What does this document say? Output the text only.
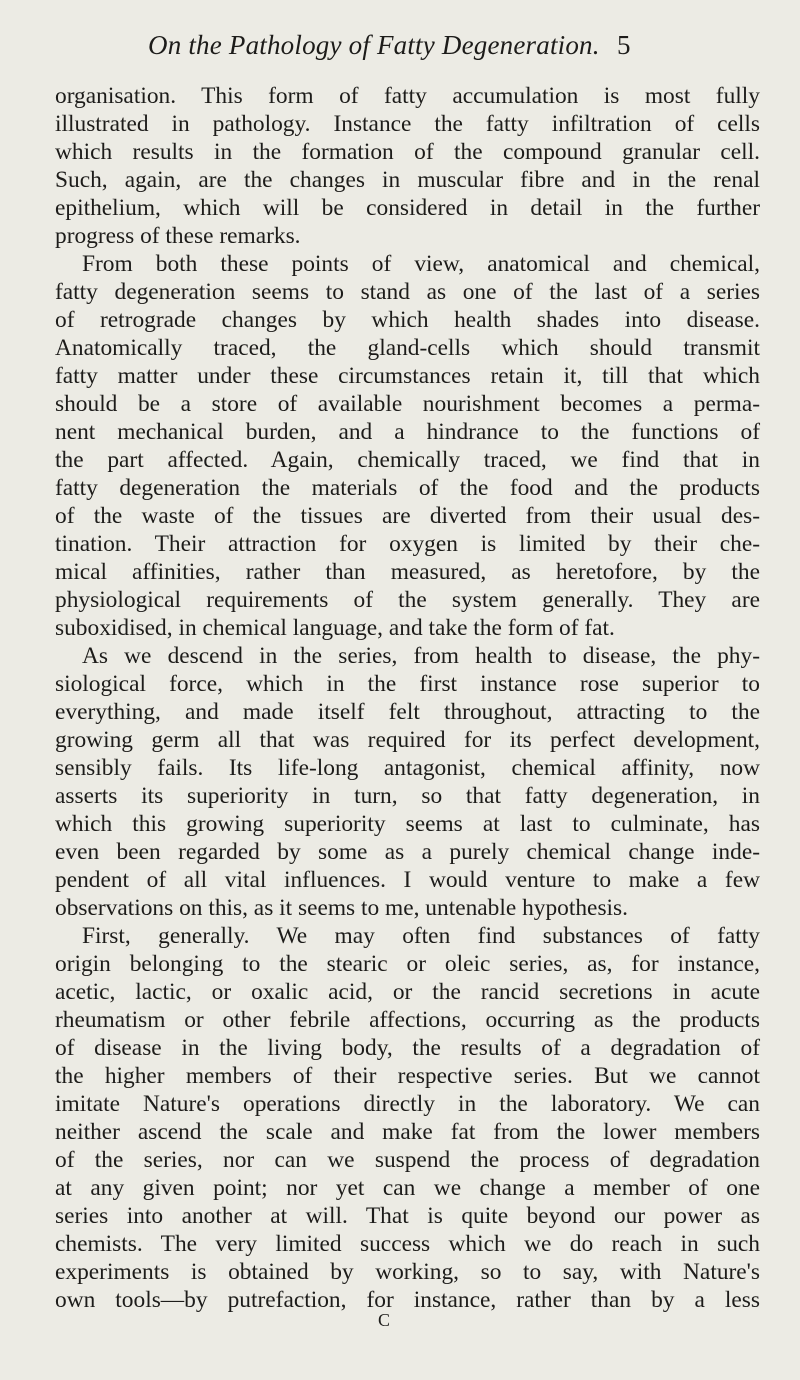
On the Pathology of Fatty Degeneration. 5
organisation. This form of fatty accumulation is most fully
illustrated in pathology. Instance the fatty infiltration of cells
which results in the formation of the compound granular cell.
Such, again, are the changes in muscular fibre and in the renal
epithelium, which will be considered in detail in the further
progress of these remarks.
From both these points of view, anatomical and chemical,
fatty degeneration seems to stand as one of the last of a series
of retrograde changes by which health shades into disease.
Anatomically traced, the gland-cells which should transmit
fatty matter under these circumstances retain it, till that which
should be a store of available nourishment becomes a perma-
nent mechanical burden, and a hindrance to the functions of
the part affected. Again, chemically traced, we find that in
fatty degeneration the materials of the food and the products
of the waste of the tissues are diverted from their usual des-
tination. Their attraction for oxygen is limited by their che-
mical affinities, rather than measured, as heretofore, by the
physiological requirements of the system generally. They are
suboxidised, in chemical language, and take the form of fat.
As we descend in the series, from health to disease, the phy-
siological force, which in the first instance rose superior to
everything, and made itself felt throughout, attracting to the
growing germ all that was required for its perfect development,
sensibly fails. Its life-long antagonist, chemical affinity, now
asserts its superiority in turn, so that fatty degeneration, in
which this growing superiority seems at last to culminate, has
even been regarded by some as a purely chemical change inde-
pendent of all vital influences. I would venture to make a few
observations on this, as it seems to me, untenable hypothesis.
First, generally. We may often find substances of fatty
origin belonging to the stearic or oleic series, as, for instance,
acetic, lactic, or oxalic acid, or the rancid secretions in acute
rheumatism or other febrile affections, occurring as the products
of disease in the living body, the results of a degradation of
the higher members of their respective series. But we cannot
imitate Nature's operations directly in the laboratory. We can
neither ascend the scale and make fat from the lower members
of the series, nor can we suspend the process of degradation
at any given point; nor yet can we change a member of one
series into another at will. That is quite beyond our power as
chemists. The very limited success which we do reach in such
experiments is obtained by working, so to say, with Nature's
own tools—by putrefaction, for instance, rather than by a less
C
